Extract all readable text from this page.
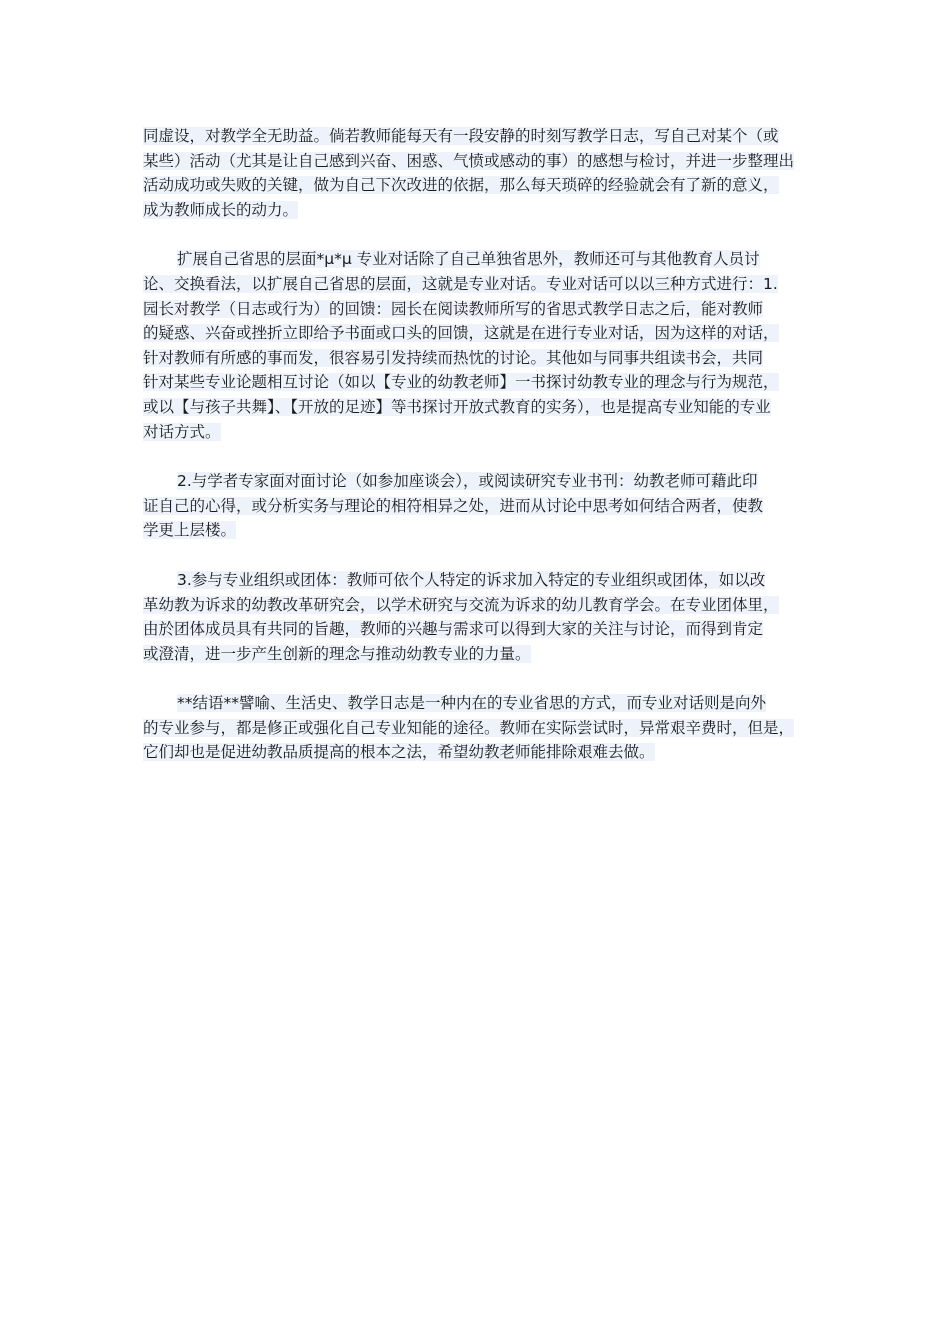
同虚设，对教学全无助益。倘若教师能每天有一段安静的时刻写教学日志，写自己对某个（或
某些）活动（尤其是让自己感到兴奋、困惑、气愤或感动的事）的感想与检讨，并进一步整理出
活动成功或失败的关键，做为自己下次改进的依据，那么每天琐碎的经验就会有了新的意义，
成为教师成长的动力。
扩展自己省思的层面*μ*μ 专业对话除了自己单独省思外，教师还可与其他教育人员讨
论、交换看法，以扩展自己省思的层面，这就是专业对话。专业对话可以以三种方式进行：1.
园长对教学（日志或行为）的回馈：园长在阅读教师所写的省思式教学日志之后，能对教师
的疑惑、兴奋或挫折立即给予书面或口头的回馈，这就是在进行专业对话，因为这样的对话，
针对教师有所感的事而发，很容易引发持续而热忱的讨论。其他如与同事共组读书会，共同
针对某些专业论题相互讨论（如以【专业的幼教老师】一书探讨幼教专业的理念与行为规范，
或以【与孩子共舞】、【开放的足迹】等书探讨开放式教育的实务），也是提高专业知能的专业
对话方式。
2.与学者专家面对面讨论（如参加座谈会），或阅读研究专业书刊：幼教老师可藉此印
证自己的心得，或分析实务与理论的相符相异之处，进而从讨论中思考如何结合两者，使教
学更上层楼。
3.参与专业组织或团体：教师可依个人特定的诉求加入特定的专业组织或团体，如以改
革幼教为诉求的幼教改革研究会，以学术研究与交流为诉求的幼儿教育学会。在专业团体里，
由於团体成员具有共同的旨趣，教师的兴趣与需求可以得到大家的关注与讨论，而得到肯定
或澄清，进一步产生创新的理念与推动幼教专业的力量。
**结语**譬喻、生活史、教学日志是一种内在的专业省思的方式，而专业对话则是向外
的专业参与，都是修正或强化自己专业知能的途径。教师在实际尝试时，异常艰辛费时，但是，
它们却也是促进幼教品质提高的根本之法，希望幼教老师能排除艰难去做。
